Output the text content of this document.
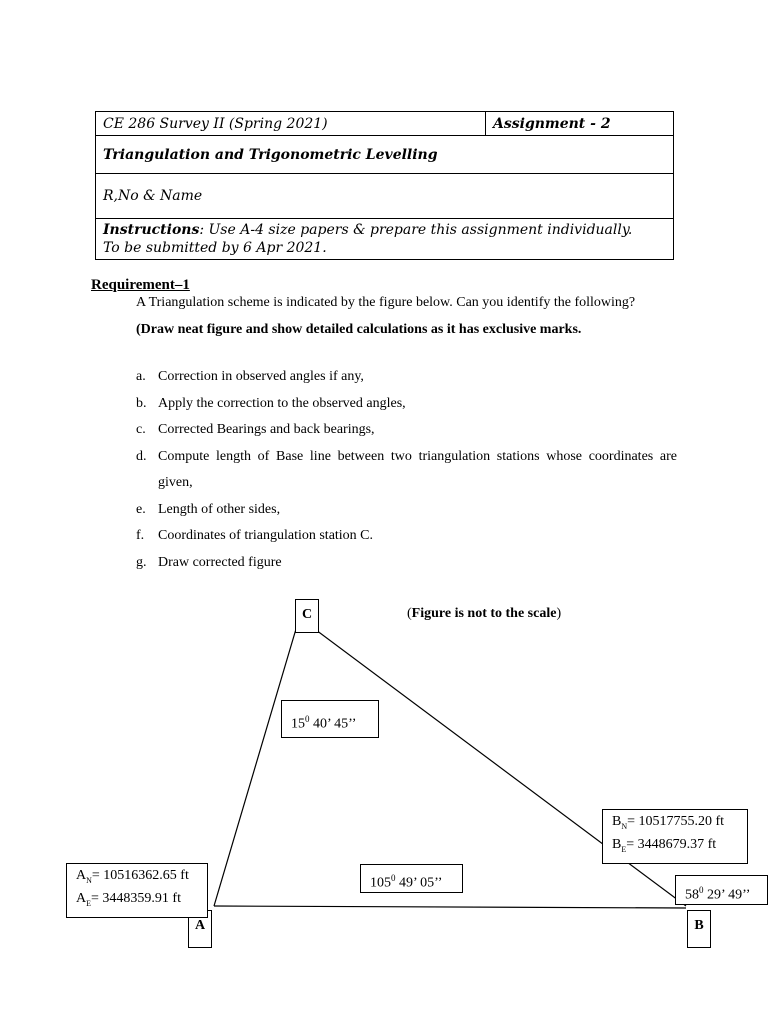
CE 286 Survey II (Spring 2021)	Assignment - 2
Triangulation and Trigonometric Levelling
R,No & Name
Instructions: Use A-4 size papers & prepare this assignment individually.
To be submitted by 6 Apr 2021.
Requirement–1
A Triangulation scheme is indicated by the figure below. Can you identify the following?
(Draw neat figure and show detailed calculations as it has exclusive marks.
a. Correction in observed angles if any,
b. Apply the correction to the observed angles,
c. Corrected Bearings and back bearings,
d. Compute length of Base line between two triangulation stations whose coordinates are given,
e. Length of other sides,
f. Coordinates of triangulation station C.
g. Draw corrected figure
(Figure is not to the scale)
C
A	B
$15^0$ 40’ 45’’
$105^0$ 49’ 05’’
$58^0$ 29’ 49’’
$A_N= 10516362.65$ ft
$A_E= 3448359.91$ ft
$B_N= 10517755.20$ ft
$B_E= 3448679.37$ ft
